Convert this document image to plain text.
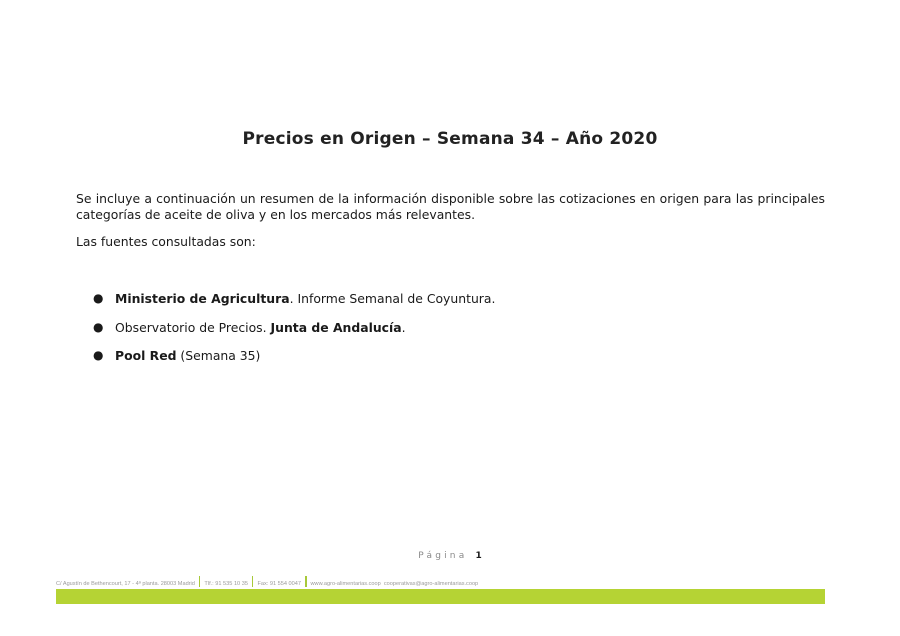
Precios en Origen – Semana 34 – Año 2020
Se incluye a continuación un resumen de la información disponible sobre las cotizaciones en origen para las principales categorías de aceite de oliva y en los mercados más relevantes.
Las fuentes consultadas son:
● Ministerio de Agricultura. Informe Semanal de Coyuntura.
● Observatorio de Precios. Junta de Andalucía.
● Pool Red (Semana 35)
Página 1
C/ Agustín de Bethencourt, 17 - 4ª planta. 28003 Madrid Tlf.: 91 535 10 35 Fax: 91 554 0047 www.agro-alimentarias.coop cooperativas@agro-alimentarias.coop
